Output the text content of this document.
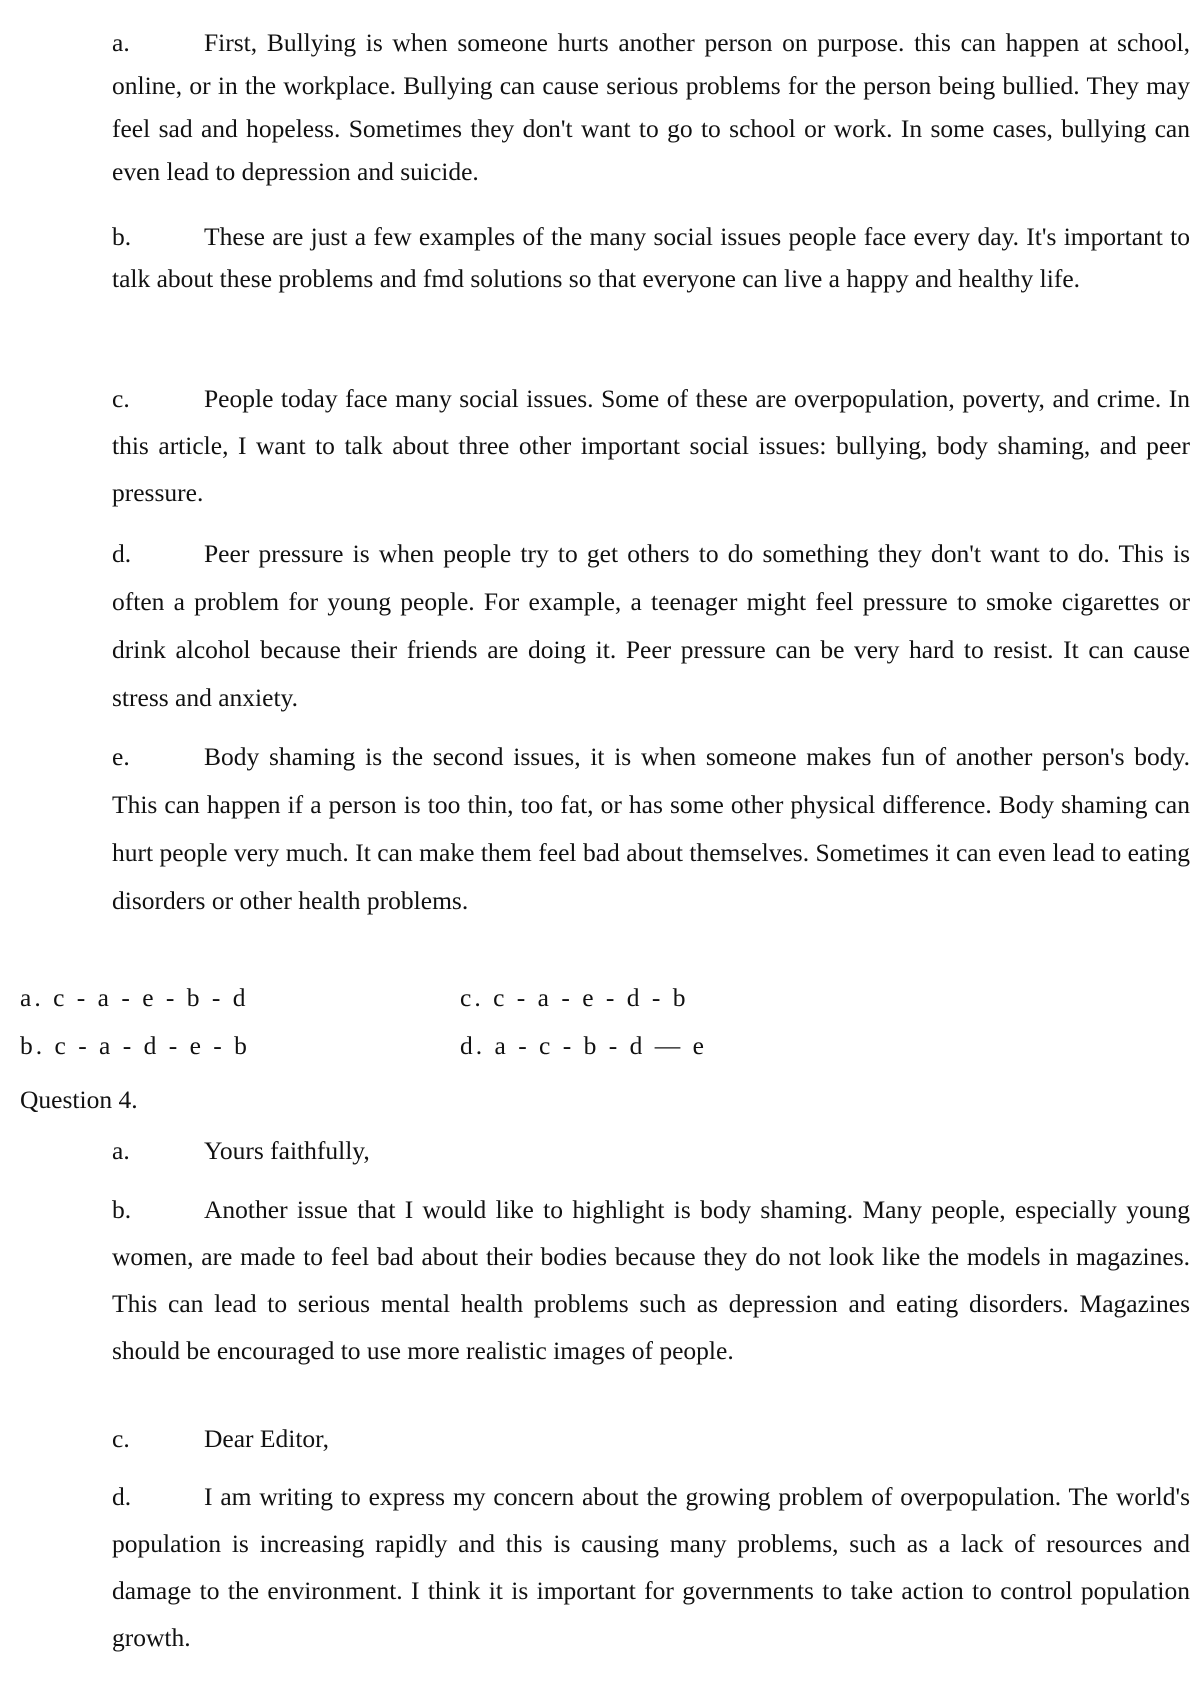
a.	First, Bullying is when someone hurts another person on purpose. this can happen at school, online, or in the workplace. Bullying can cause serious problems for the person being bullied. They may feel sad and hopeless. Sometimes they don't want to go to school or work. In some cases, bullying can even lead to depression and suicide.

b.	These are just a few examples of the many social issues people face every day. It's important to talk about these problems and fmd solutions so that everyone can live a happy and healthy life.

c.	People today face many social issues. Some of these are overpopulation, poverty, and crime. In this article, I want to talk about three other important social issues: bullying, body shaming, and peer pressure.

d.	Peer pressure is when people try to get others to do something they don't want to do. This is often a problem for young people. For example, a teenager might feel pressure to smoke cigarettes or drink alcohol because their friends are doing it. Peer pressure can be very hard to resist. It can cause stress and anxiety.

e.	Body shaming is the second issues, it is when someone makes fun of another person's body. This can happen if a person is too thin, too fat, or has some other physical difference. Body shaming can hurt people very much. It can make them feel bad about themselves. Sometimes it can even lead to eating disorders or other health problems.

a. c - a - e - b - d	c. c - a - e - d - b
b. c - a - d - e - b	d. a - c - b - d — e
Question 4.

a.	Yours faithfully,

b.	Another issue that I would like to highlight is body shaming. Many people, especially young women, are made to feel bad about their bodies because they do not look like the models in magazines. This can lead to serious mental health problems such as depression and eating disorders. Magazines should be encouraged to use more realistic images of people.

c.	Dear Editor,

d.	I am writing to express my concern about the growing problem of overpopulation. The world's population is increasing rapidly and this is causing many problems, such as a lack of resources and damage to the environment. I think it is important for governments to take action to control population growth.
